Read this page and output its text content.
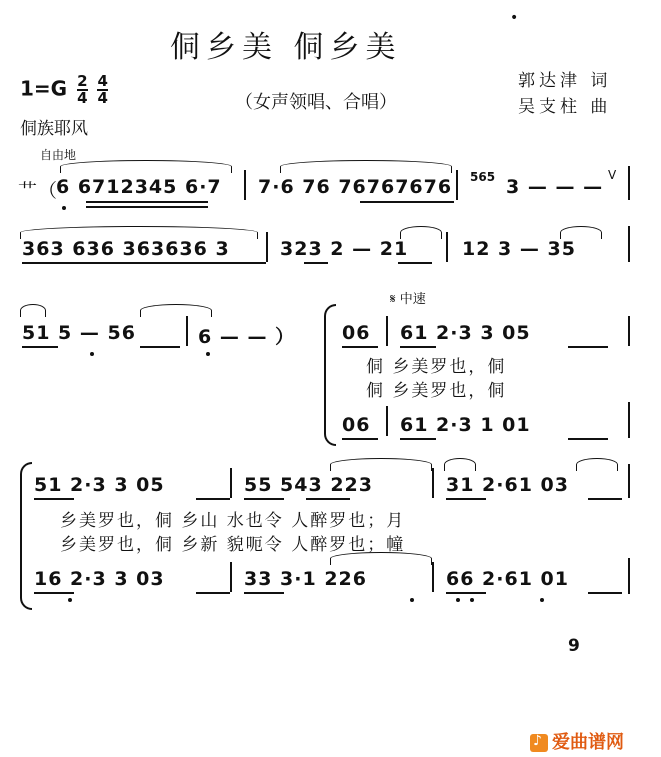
侗乡美 侗乡美
（女声领唱、合唱）
郭达津 词
吴支柱 曲
$1=G \frac{2}{4}$
$\frac{4}{4}$
侗族耶风
•
自由地
艹（
6 6712345 6·7 7·6 76 76767676 565 3 — — —
V
363 636 363636 3	323 2 — 21	12 3 — 35
51 5 — 56	6 — — ）
𝄋 中速
06 61 2·3 3 05
侗 乡美罗也，侗
侗 乡美罗也，侗
06 61 2·3 1 01
51 2·3 3 05	55 543 223	31 2·61 03
乡美罗也，侗 乡山 水也令 人醉罗也；月
乡美罗也，侗 乡新 貌呃令 人醉罗也；幢
16 2·3 3 03	33 3·1 226	66 2·61 01
9
♪爱曲谱网
